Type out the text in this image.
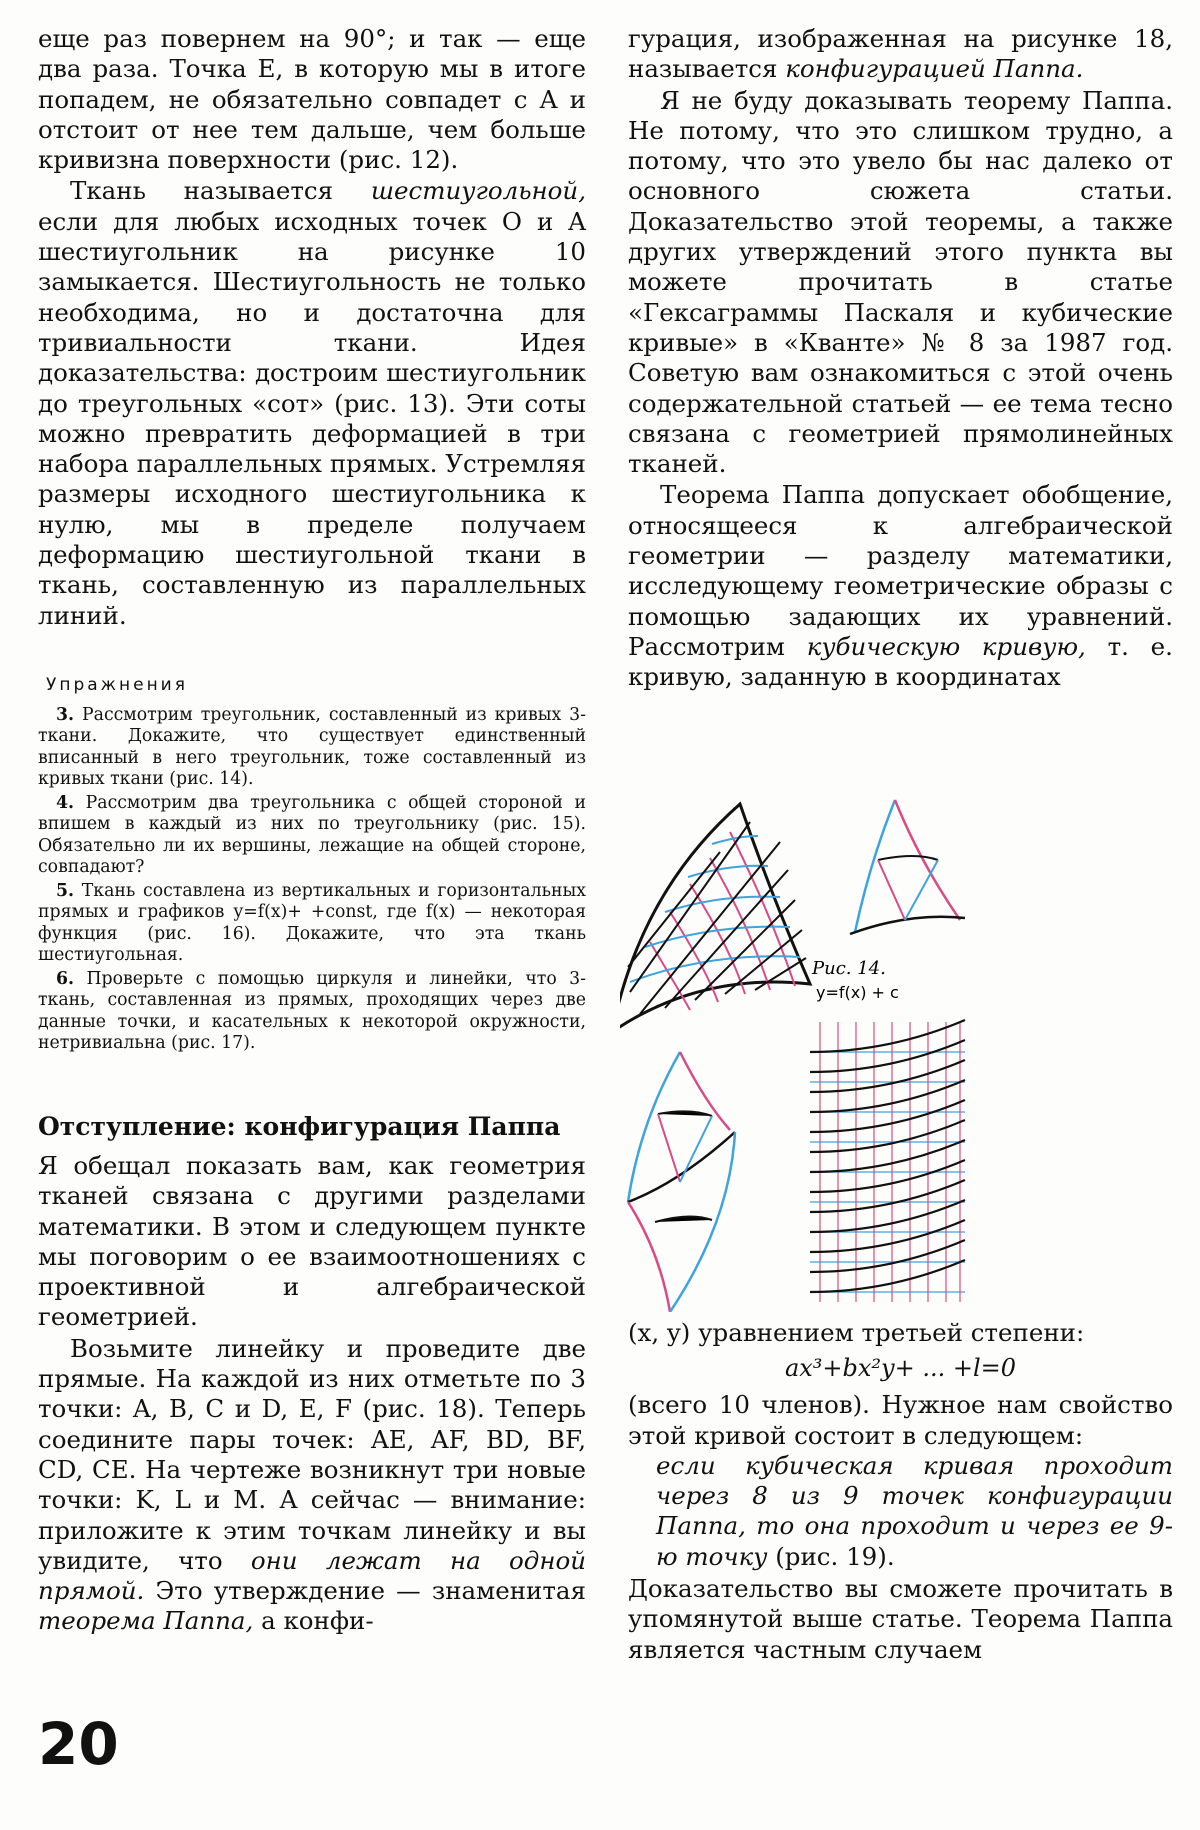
еще раз повернем на 90°; и так — еще два раза. Точка E, в которую мы в итоге попадем, не обязательно совпадет с A и отстоит от нее тем дальше, чем больше кривизна поверхности (рис. 12).

Ткань называется шестиугольной, если для любых исходных точек O и A шестиугольник на рисунке 10 замыкается. Шестиугольность не только необходима, но и достаточна для тривиальности ткани. Идея доказательства: достроим шестиугольник до треугольных «сот» (рис. 13). Эти соты можно превратить деформацией в три набора параллельных прямых. Устремляя размеры исходного шестиугольника к нулю, мы в пределе получаем деформацию шестиугольной ткани в ткань, составленную из параллельных линий.

Упражнения

3. Рассмотрим треугольник, составленный из кривых 3-ткани. Докажите, что существует единственный вписанный в него треугольник, тоже составленный из кривых ткани (рис. 14).

4. Рассмотрим два треугольника с общей стороной и впишем в каждый из них по треугольнику (рис. 15). Обязательно ли их вершины, лежащие на общей стороне, совпадают?

5. Ткань составлена из вертикальных и горизонтальных прямых и графиков y=f(x)+ +const, где f(x) — некоторая функция (рис. 16). Докажите, что эта ткань шестиугольная.

6. Проверьте с помощью циркуля и линейки, что 3-ткань, составленная из прямых, проходящих через две данные точки, и касательных к некоторой окружности, нетривиальна (рис. 17).

Отступление: конфигурация Паппа

Я обещал показать вам, как геометрия тканей связана с другими разделами математики. В этом и следующем пункте мы поговорим о ее взаимоотношениях с проективной и алгебраической геометрией.

Возьмите линейку и проведите две прямые. На каждой из них отметьте по 3 точки: A, B, C и D, E, F (рис. 18). Теперь соедините пары точек: AE, AF, BD, BF, CD, CE. На чертеже возникнут три новые точки: K, L и M. А сейчас — внимание: приложите к этим точкам линейку и вы увидите, что они лежат на одной прямой. Это утверждение — знаменитая теорема Паппа, а конфи-

гурация, изображенная на рисунке 18, называется конфигурацией Паппа.

Я не буду доказывать теорему Паппа. Не потому, что это слишком трудно, а потому, что это увело бы нас далеко от основного сюжета статьи. Доказательство этой теоремы, а также других утверждений этого пункта вы можете прочитать в статье «Гексаграммы Паскаля и кубические кривые» в «Кванте» № 8 за 1987 год. Советую вам ознакомиться с этой очень содержательной статьей — ее тема тесно связана с геометрией прямолинейных тканей.

Теорема Паппа допускает обобщение, относящееся к алгебраической геометрии — разделу математики, исследующему геометрические образы с помощью задающих их уравнений. Рассмотрим кубическую кривую, т. е. кривую, заданную в координатах

Рис. 14.
y=f(x) + c

(x, y) уравнением третьей степени:

ax³+bx²y+ ... +l=0

(всего 10 членов). Нужное нам свойство этой кривой состоит в следующем:

если кубическая кривая проходит через 8 из 9 точек конфигурации Паппа, то она проходит и через ее 9-ю точку (рис. 19).

Доказательство вы сможете прочитать в упомянутой выше статье. Теорема Паппа является частным случаем

20
